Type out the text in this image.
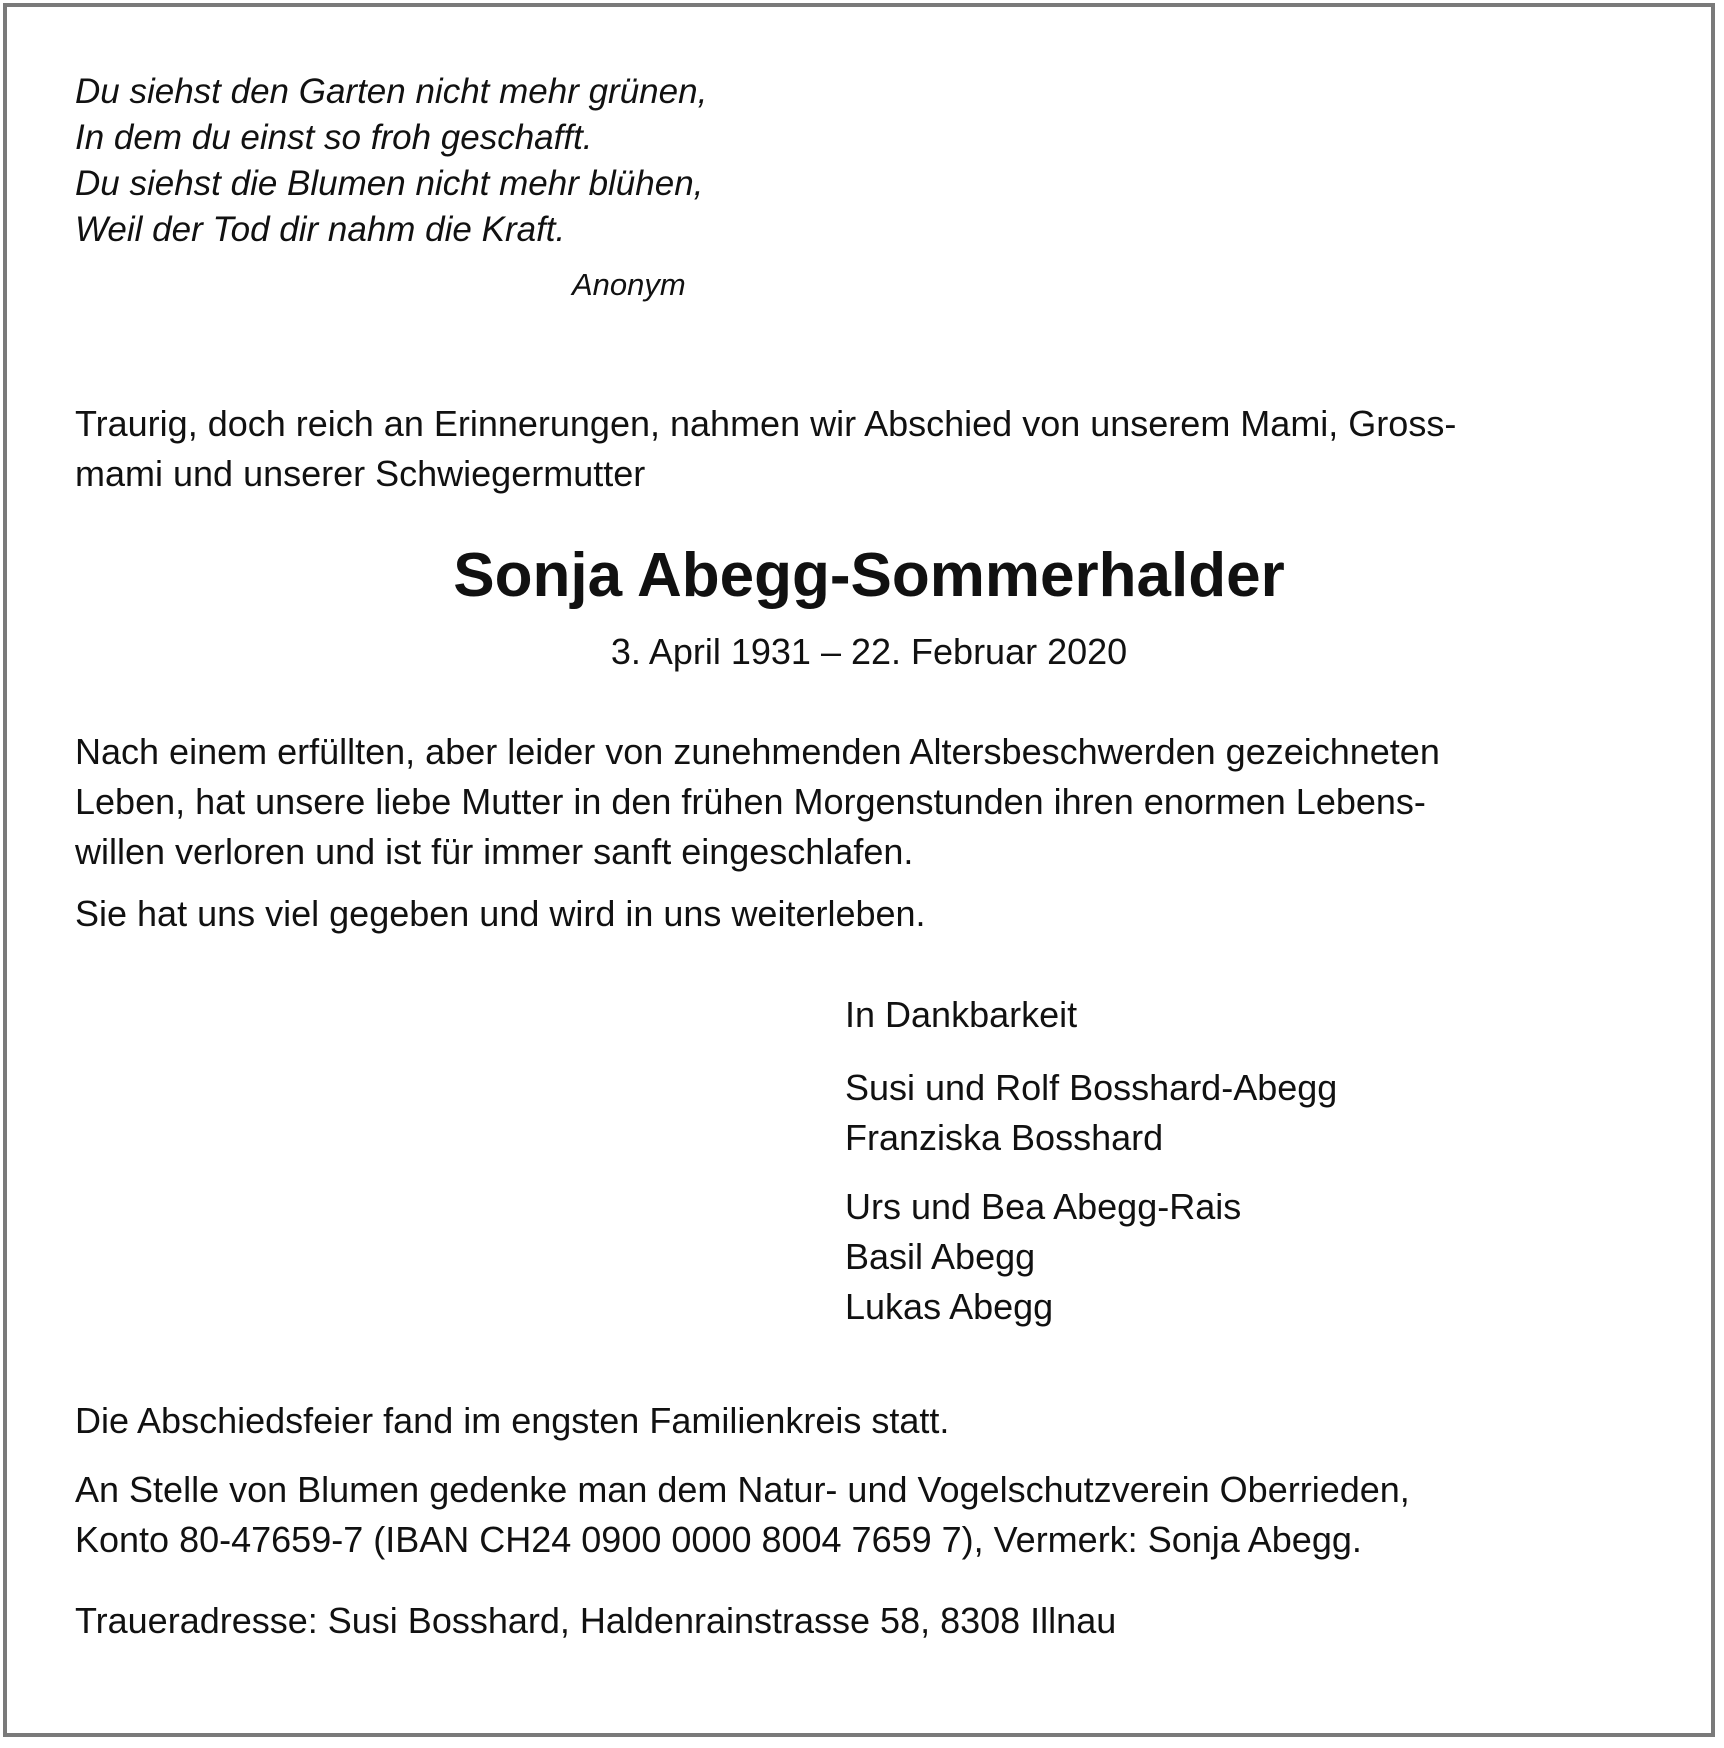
Du siehst den Garten nicht mehr grünen,
In dem du einst so froh geschafft.
Du siehst die Blumen nicht mehr blühen,
Weil der Tod dir nahm die Kraft.
Anonym
Traurig, doch reich an Erinnerungen, nahmen wir Abschied von unserem Mami, Gross-
mami und unserer Schwiegermutter
Sonja Abegg-Sommerhalder
3. April 1931 – 22. Februar 2020
Nach einem erfüllten, aber leider von zunehmenden Altersbeschwerden gezeichneten
Leben, hat unsere liebe Mutter in den frühen Morgenstunden ihren enormen Lebens-
willen verloren und ist für immer sanft eingeschlafen.
Sie hat uns viel gegeben und wird in uns weiterleben.
In Dankbarkeit
Susi und Rolf Bosshard-Abegg
Franziska Bosshard
Urs und Bea Abegg-Rais
Basil Abegg
Lukas Abegg
Die Abschiedsfeier fand im engsten Familienkreis statt.
An Stelle von Blumen gedenke man dem Natur- und Vogelschutzverein Oberrieden,
Konto 80-47659-7 (IBAN CH24 0900 0000 8004 7659 7), Vermerk: Sonja Abegg.
Traueradresse: Susi Bosshard, Haldenrainstrasse 58, 8308 Illnau
